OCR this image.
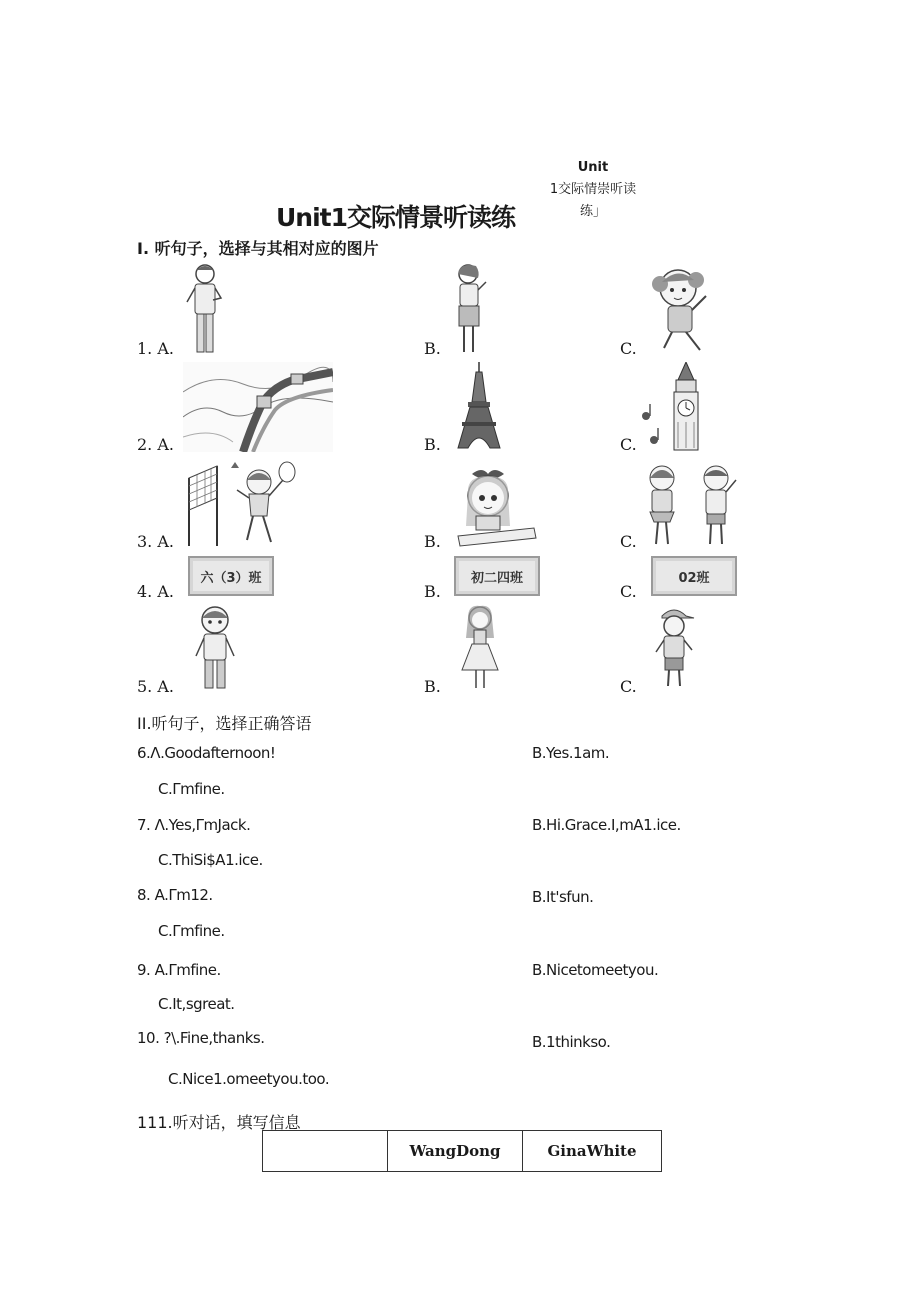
Unit
1交际情崇听读
练」
Unit1交际情景听读练
I. 听句子，选择与其相对应的图片
1. A.	B.	C.
2. A.	B.	C.
3. A.	B.	C.
4. A.	B.	C.
5. A.	B.	C.
六（3）班	初二四班	02班
II.听句子，选择正确答语
6.Λ.Goodafternoon!	B.Yes.1am.
C.Γmfine.
7. Λ.Yes,ΓmJack.	B.Hi.Grace.I,mA1.ice.
C.ThiSi$A1.ice.
8. A.Γm12.	B.It'sfun.
C.Γmfine.
9. A.Γmfine.	B.Nicetomeetyou.
C.It,sgreat.
10. ?\.Fine,thanks.	B.1thinkso.
C.Nice1.omeetyou.too.
111.听对话，填写信息
	WangDong	GinaWhite
